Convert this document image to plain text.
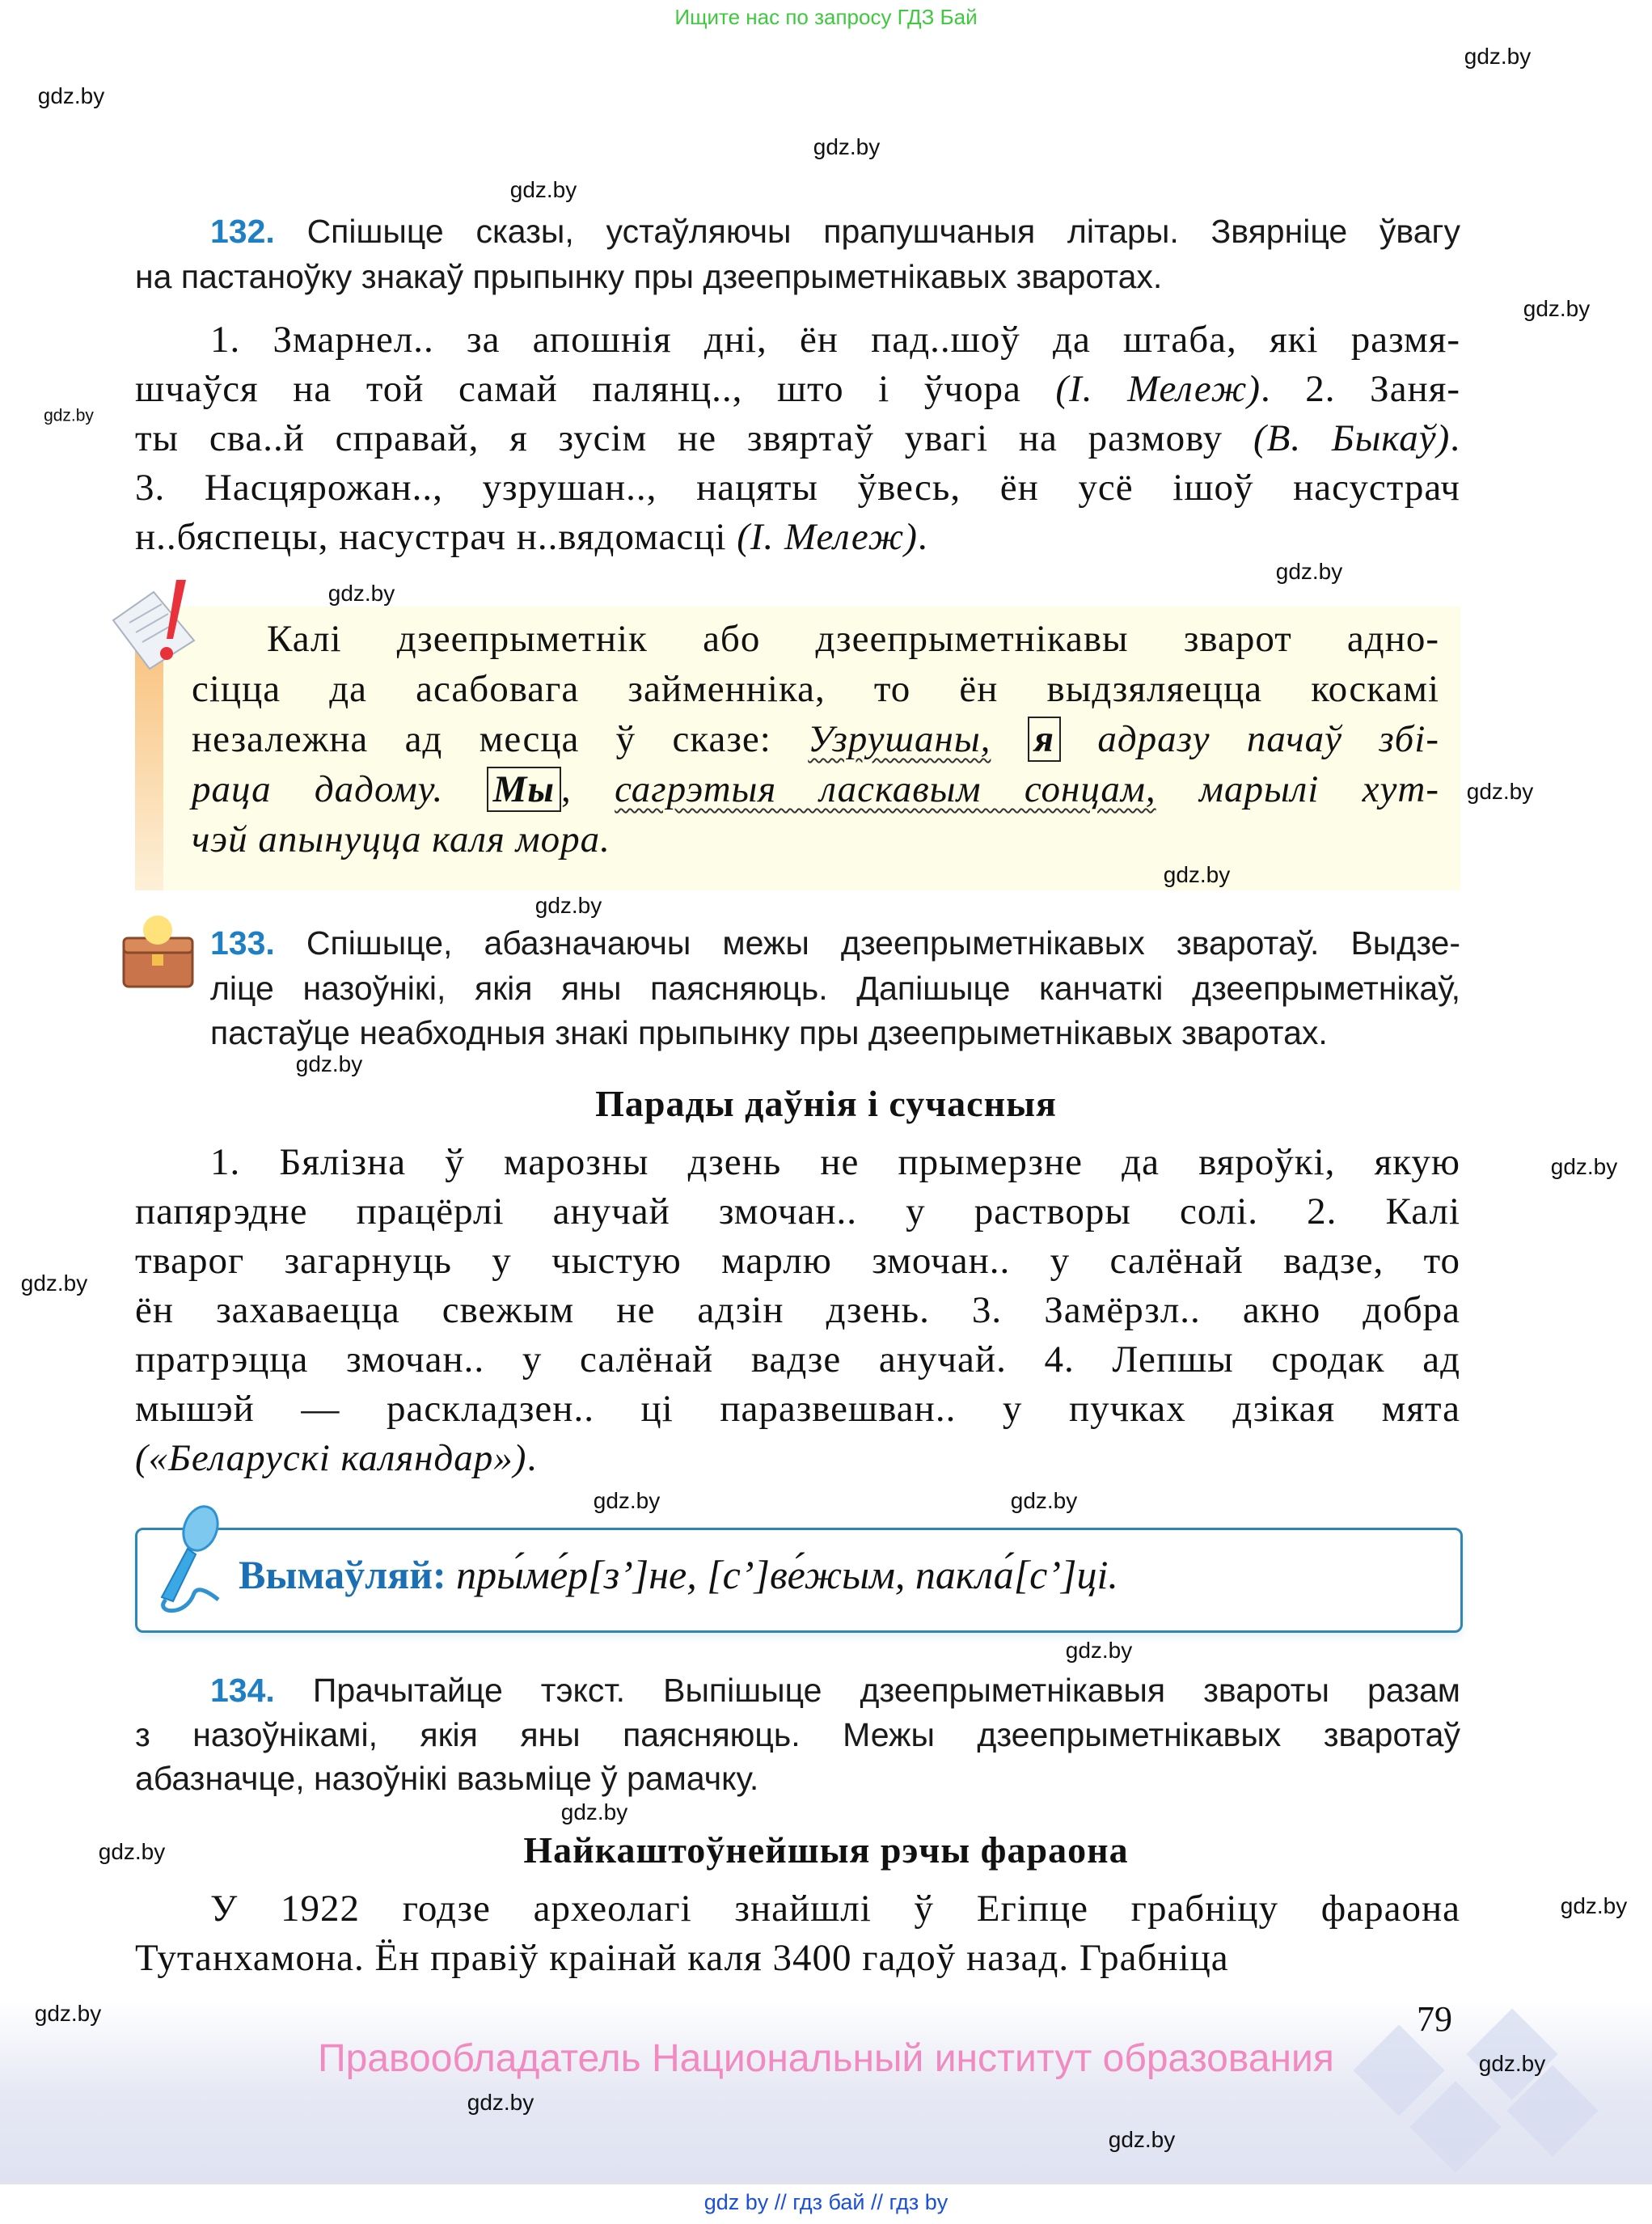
Ищите нас по запросу ГДЗ Бай
132. Спішыце сказы, устаўляючы прапушчаныя літары. Звярніце ўвагу
на пастаноўку знакаў прыпынку пры дзеепрыметнікавых зваротах.
1. Змарнел.. за апошнія дні, ён пад..шоў да штаба, які размя-
шчаўся на той самай палянц.., што і ўчора (І. Мележ). 2. Заня-
ты сва..й справай, я зусім не звяртаў увагі на размову (В. Быкаў).
3. Насцярожан.., узрушан.., нацяты ўвесь, ён усё ішоў насустрач
н..бяспецы, насустрач н..вядомасці (І. Мележ).
Калі дзеепрыметнік або дзеепрыметнікавы зварот адно-
сіцца да асабовага займенніка, то ён выдзяляецца коскамі
незалежна ад месца ў сказе: Узрушаны, я адразу пачаў збі-
раца дадому. Мы , сагрэтыя ласкавым сонцам, марылі хут-
чэй апынуцца каля мора.
133. Спішыце, абазначаючы межы дзеепрыметнікавых зваротаў. Выдзе-
ліце назоўнікі, якія яны паясняюць. Дапішыце канчаткі дзеепрыметнікаў,
пастаўце неабходныя знакі прыпынку пры дзеепрыметнікавых зваротах.
Парады даўнія і сучасныя
1. Бялізна ў марозны дзень не прымерзне да вяроўкі, якую
папярэдне працёрлі анучай змочан.. у растворы солі. 2. Калі
тварог загарнуць у чыстую марлю змочан.. у салёнай вадзе, то
ён захаваецца свежым не адзін дзень. 3. Замёрзл.. акно добра
пратрэцца змочан.. у салёнай вадзе анучай. 4. Лепшы сродак ад
мышэй — раскладзен.. ці паразвешван.. у пучках дзікая мята
(«Беларускі каляндар»).
Вымаўляй: пры́ме́р[з’]не, [с’]ве́жым, пакла́[с’]ці.
134. Прачытайце тэкст. Выпішыце дзеепрыметнікавыя звароты разам
з назоўнікамі, якія яны паясняюць. Межы дзеепрыметнікавых зваротаў
абазначце, назоўнікі вазьміце ў рамачку.
Найкаштоўнейшыя рэчы фараона
У 1922 годзе археолагі знайшлі ў Егіпце грабніцу фараона
Тутанхамона. Ён правіў краінай каля 3400 гадоў назад. Грабніца
79
Правообладатель Национальный институт образования
gdz by // гдз бай // гдз by
gdz.by
gdz.by
gdz.by
gdz.by
gdz.by
gdz.by
gdz.by
gdz.by
gdz.by
gdz.by
gdz.by
gdz.by
gdz.by
gdz.by
gdz.by
gdz.by
gdz.by
gdz.by
gdz.by
gdz.by
gdz.by
gdz.by
gdz.by
gdz.by
